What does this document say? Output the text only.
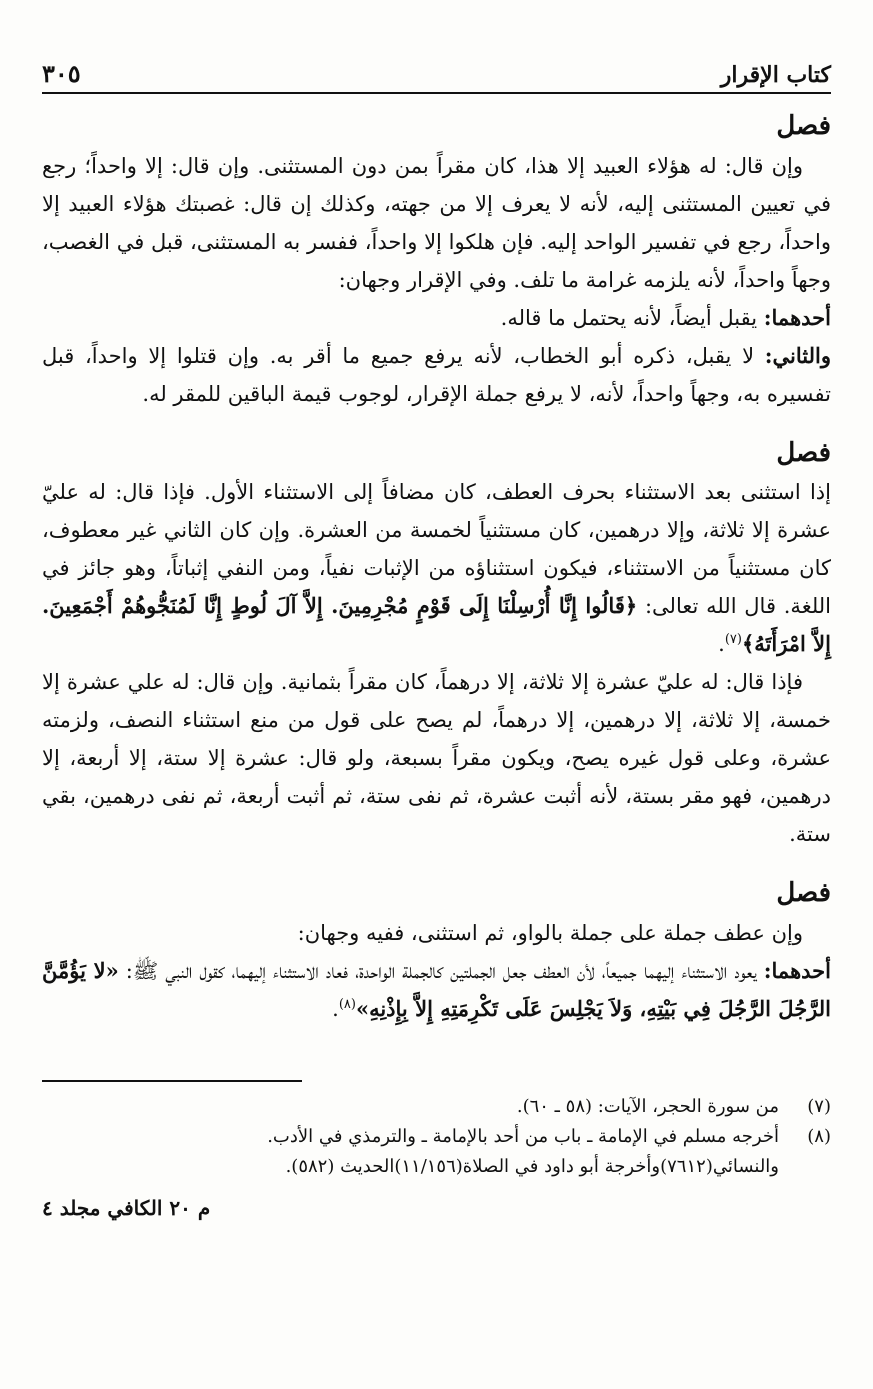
كتاب الإقرار
٣٠٥
فصل

وإن قال: له هؤلاء العبيد إلا هذا، كان مقراً بمن دون المستثنى. وإن قال: إلا واحداً؛ رجع في تعيين المستثنى إليه، لأنه لا يعرف إلا من جهته، وكذلك إن قال: غصبتك هؤلاء العبيد إلا واحداً، رجع في تفسير الواحد إليه. فإن هلكوا إلا واحداً، ففسر به المستثنى، قبل في الغصب، وجهاً واحداً، لأنه يلزمه غرامة ما تلف. وفي الإقرار وجهان:

أحدهما: يقبل أيضاً، لأنه يحتمل ما قاله.

والثاني: لا يقبل، ذكره أبو الخطاب، لأنه يرفع جميع ما أقر به. وإن قتلوا إلا واحداً، قبل تفسيره به، وجهاً واحداً، لأنه، لا يرفع جملة الإقرار، لوجوب قيمة الباقين للمقر له.

فصل

إذا استثنى بعد الاستثناء بحرف العطف، كان مضافاً إلى الاستثناء الأول. فإذا قال: له عليّ عشرة إلا ثلاثة، وإلا درهمين، كان مستثنياً لخمسة من العشرة. وإن كان الثاني غير معطوف، كان مستثنياً من الاستثناء، فيكون استثناؤه من الإثبات نفياً، ومن النفي إثباتاً، وهو جائز في اللغة. قال الله تعالى: ﴿قَالُوا إِنَّا أُرْسِلْنَا إِلَى قَوْمٍ مُجْرِمِينَ. إِلاَّ آلَ لُوطٍ إِنَّا لَمُنَجُّوهُمْ أَجْمَعِينَ. إِلاَّ امْرَأَتَهُ﴾$^{(٧)}$.

فإذا قال: له عليّ عشرة إلا ثلاثة، إلا درهماً، كان مقراً بثمانية. وإن قال: له علي عشرة إلا خمسة، إلا ثلاثة، إلا درهمين، إلا درهماً، لم يصح على قول من منع استثناء النصف، ولزمته عشرة، وعلى قول غيره يصح، ويكون مقراً بسبعة، ولو قال: عشرة إلا ستة، إلا أربعة، إلا درهمين، فهو مقر بستة، لأنه أثبت عشرة، ثم نفى ستة، ثم أثبت أربعة، ثم نفى درهمين، بقي ستة.

فصل

وإن عطف جملة على جملة بالواو، ثم استثنى، ففيه وجهان:

أحدهما: يعود الاستثناء إليهما جميعاً، لأن العطف جعل الجملتين كالجملة الواحدة، فعاد الاستثناء إليهما، كقول النبي ﷺ: «لا يَؤُمَّنَّ الرَّجُلَ الرَّجُلَ فِي بَيْتِهِ، وَلاَ يَجْلِسَ عَلَى تَكْرِمَتِهِ إِلاَّ بِإِذْنِهِ»$^{(٨)}$.

(٧)
من سورة الحجر، الآيات: (٥٨ ـ ٦٠).
(٨)
أخرجه مسلم في الإمامة ـ باب من أحد بالإمامة ـ والترمذي في الأدب.
والنسائي(٧٦١٢)وأخرجة أبو داود في الصلاة(١١/١٥٦)الحديث (٥٨٢).
م ٢٠ الكافي مجلد ٤
